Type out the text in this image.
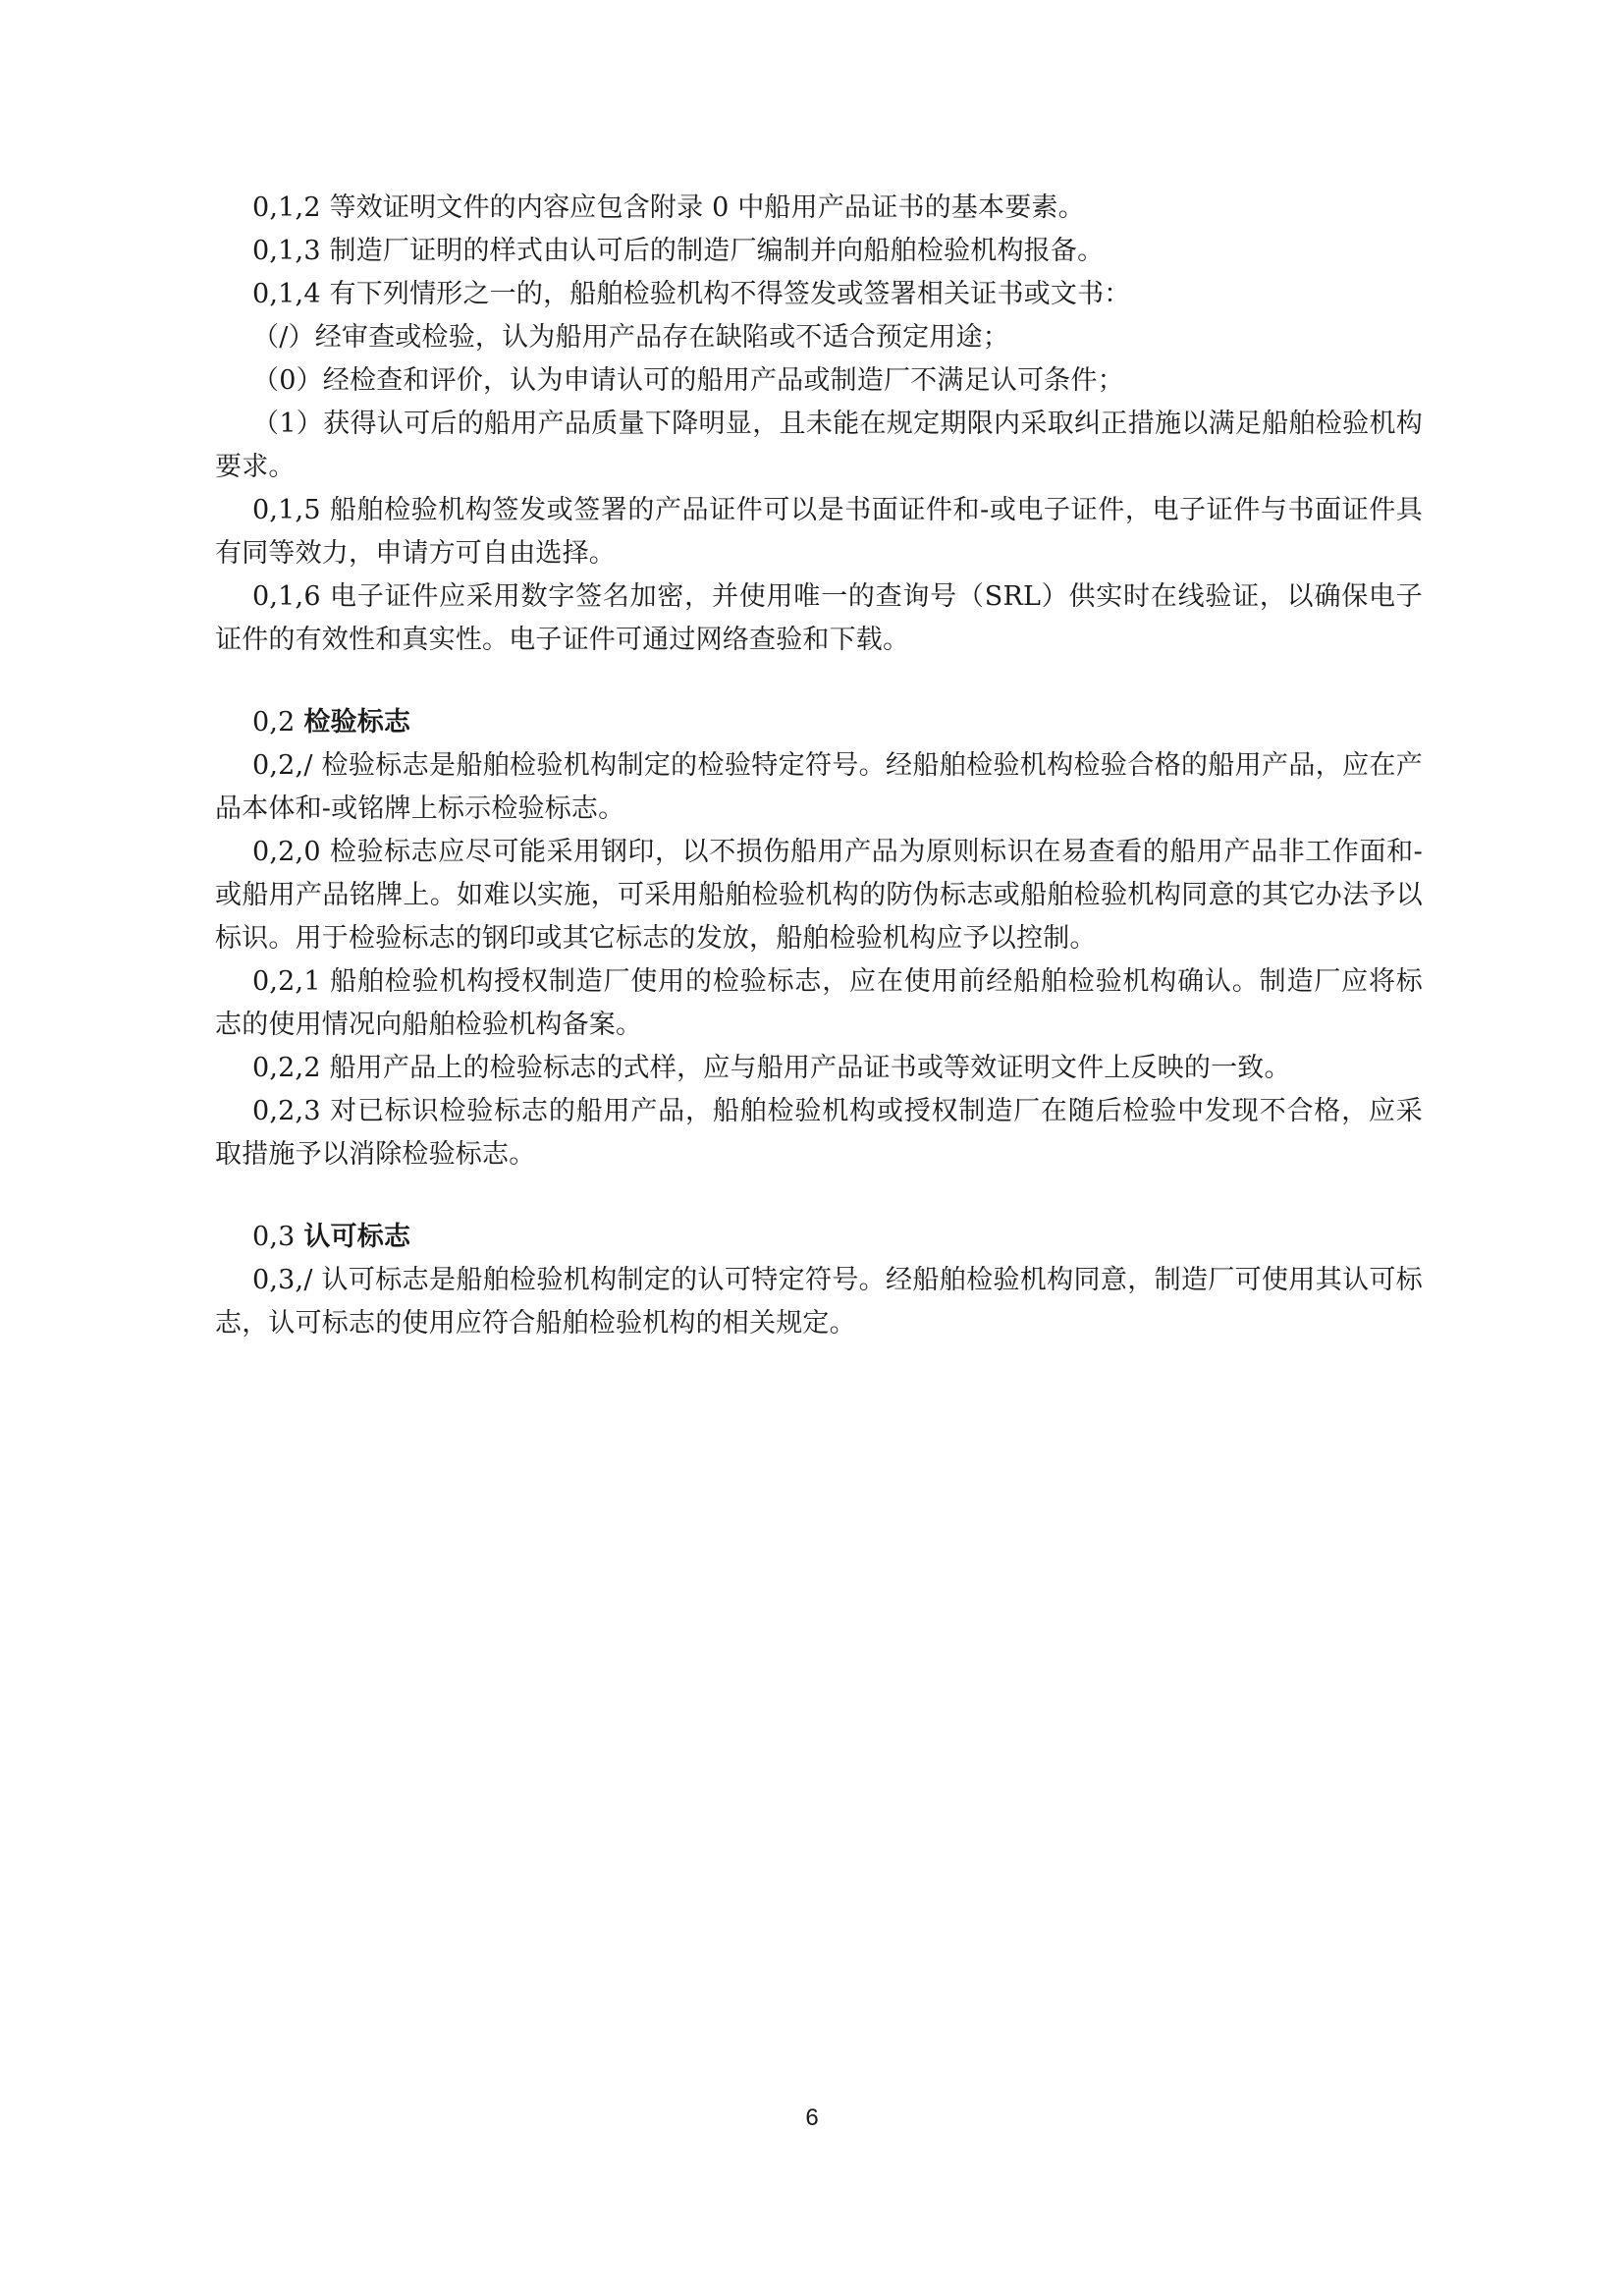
0,1,2 等效证明文件的内容应包含附录 0 中船用产品证书的基本要素。

0,1,3 制造厂证明的样式由认可后的制造厂编制并向船舶检验机构报备。

0,1,4 有下列情形之一的，船舶检验机构不得签发或签署相关证书或文书：

（/）经审查或检验，认为船用产品存在缺陷或不适合预定用途；

（0）经检查和评价，认为申请认可的船用产品或制造厂不满足认可条件；

（1）获得认可后的船用产品质量下降明显，且未能在规定期限内采取纠正措施以满足船舶检验机构要求。

0,1,5 船舶检验机构签发或签署的产品证件可以是书面证件和-或电子证件，电子证件与书面证件具有同等效力，申请方可自由选择。

0,1,6 电子证件应采用数字签名加密，并使用唯一的查询号（SRL）供实时在线验证，以确保电子证件的有效性和真实性。电子证件可通过网络查验和下载。

0,2 检验标志

0,2,/ 检验标志是船舶检验机构制定的检验特定符号。经船舶检验机构检验合格的船用产品，应在产品本体和-或铭牌上标示检验标志。

0,2,0 检验标志应尽可能采用钢印，以不损伤船用产品为原则标识在易查看的船用产品非工作面和-或船用产品铭牌上。如难以实施，可采用船舶检验机构的防伪标志或船舶检验机构同意的其它办法予以标识。用于检验标志的钢印或其它标志的发放，船舶检验机构应予以控制。

0,2,1 船舶检验机构授权制造厂使用的检验标志，应在使用前经船舶检验机构确认。制造厂应将标志的使用情况向船舶检验机构备案。

0,2,2 船用产品上的检验标志的式样，应与船用产品证书或等效证明文件上反映的一致。

0,2,3 对已标识检验标志的船用产品，船舶检验机构或授权制造厂在随后检验中发现不合格，应采取措施予以消除检验标志。

0,3 认可标志

0,3,/ 认可标志是船舶检验机构制定的认可特定符号。经船舶检验机构同意，制造厂可使用其认可标志，认可标志的使用应符合船舶检验机构的相关规定。

6
